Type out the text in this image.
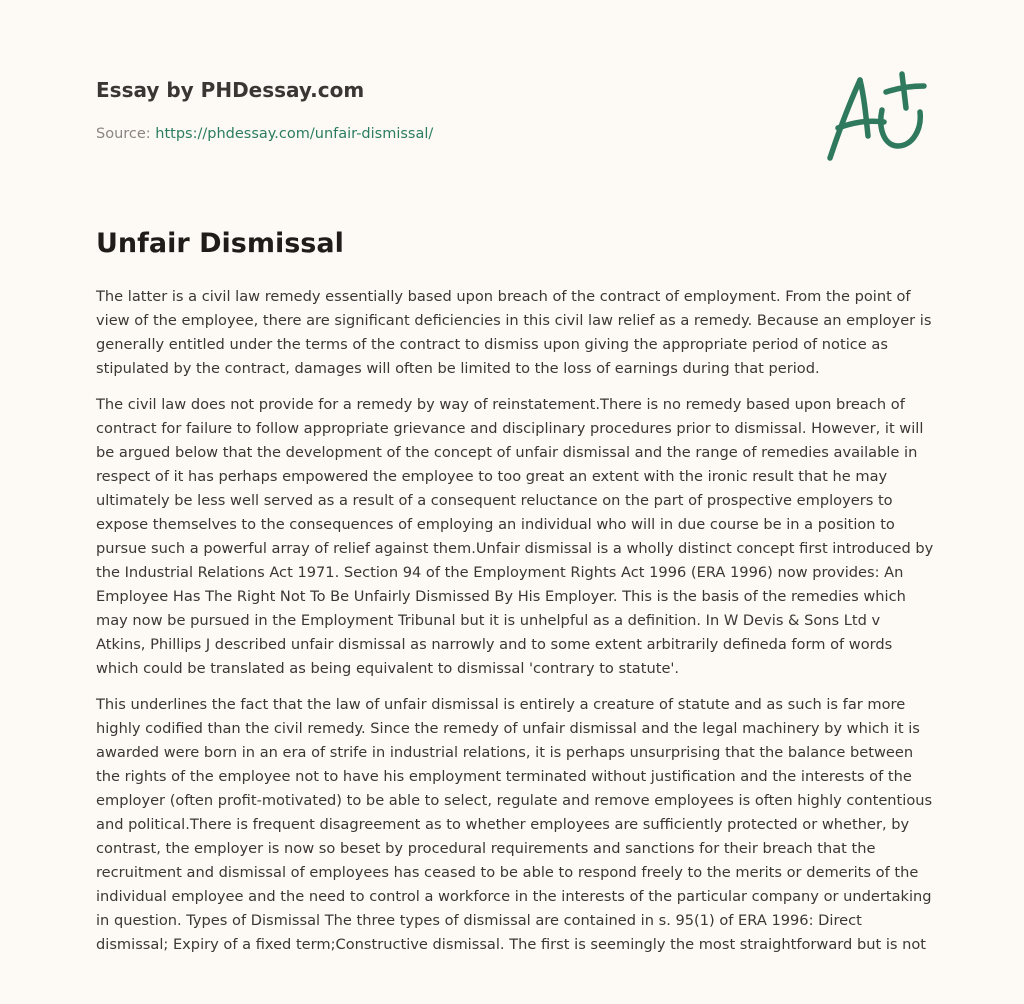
Essay by PHDessay.com
Source: https://phdessay.com/unfair-dismissal/
Unfair Dismissal

The latter is a civil law remedy essentially based upon breach of the contract of employment. From the point of view of the employee, there are significant deficiencies in this civil law relief as a remedy. Because an employer is generally entitled under the terms of the contract to dismiss upon giving the appropriate period of notice as stipulated by the contract, damages will often be limited to the loss of earnings during that period.

The civil law does not provide for a remedy by way of reinstatement.There is no remedy based upon breach of contract for failure to follow appropriate grievance and disciplinary procedures prior to dismissal. However, it will be argued below that the development of the concept of unfair dismissal and the range of remedies available in respect of it has perhaps empowered the employee to too great an extent with the ironic result that he may ultimately be less well served as a result of a consequent reluctance on the part of prospective employers to expose themselves to the consequences of employing an individual who will in due course be in a position to pursue such a powerful array of relief against them.Unfair dismissal is a wholly distinct concept first introduced by the Industrial Relations Act 1971. Section 94 of the Employment Rights Act 1996 (ERA 1996) now provides: An Employee Has The Right Not To Be Unfairly Dismissed By His Employer. This is the basis of the remedies which may now be pursued in the Employment Tribunal but it is unhelpful as a definition. In W Devis & Sons Ltd v Atkins, Phillips J described unfair dismissal as narrowly and to some extent arbitrarily defineda form of words which could be translated as being equivalent to dismissal 'contrary to statute'.

This underlines the fact that the law of unfair dismissal is entirely a creature of statute and as such is far more highly codified than the civil remedy. Since the remedy of unfair dismissal and the legal machinery by which it is awarded were born in an era of strife in industrial relations, it is perhaps unsurprising that the balance between the rights of the employee not to have his employment terminated without justification and the interests of the employer (often profit-motivated) to be able to select, regulate and remove employees is often highly contentious and political.There is frequent disagreement as to whether employees are sufficiently protected or whether, by contrast, the employer is now so beset by procedural requirements and sanctions for their breach that the recruitment and dismissal of employees has ceased to be able to respond freely to the merits or demerits of the individual employee and the need to control a workforce in the interests of the particular company or undertaking in question. Types of Dismissal The three types of dismissal are contained in s. 95(1) of ERA 1996: Direct dismissal; Expiry of a fixed term;Constructive dismissal. The first is seemingly the most straightforward but is not
